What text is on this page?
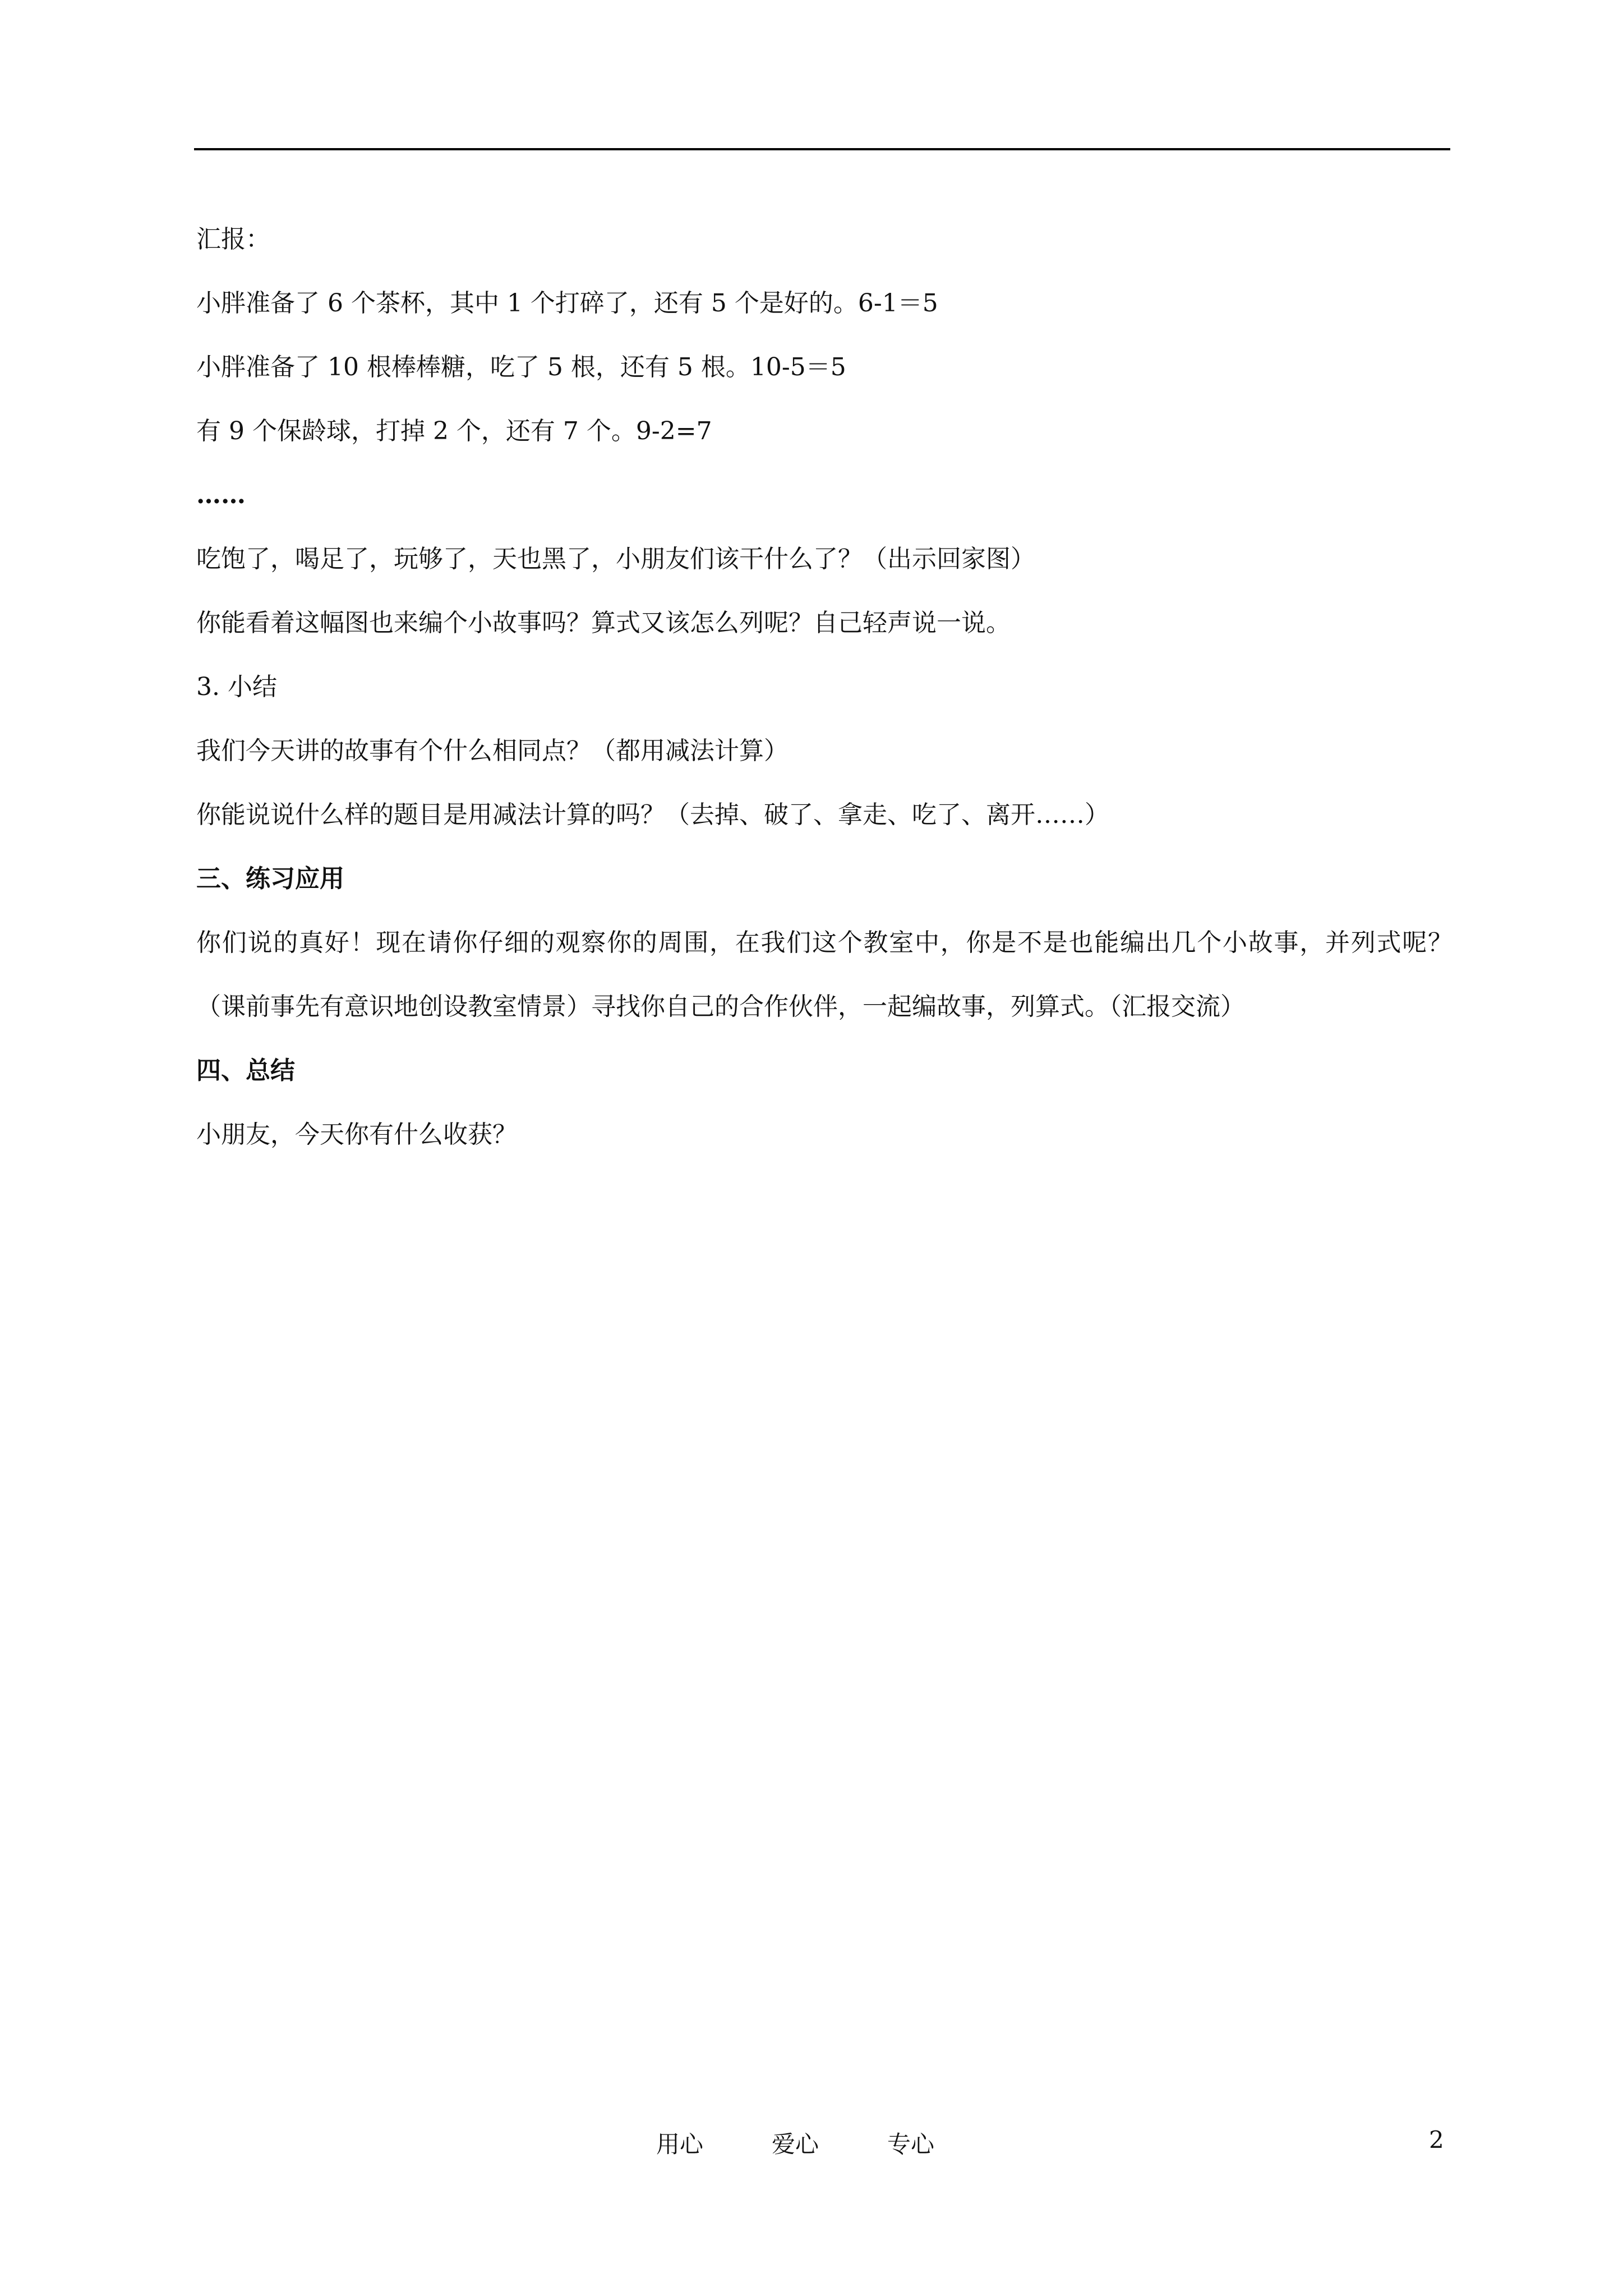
汇报：

小胖准备了 6 个茶杯，其中 1 个打碎了，还有 5 个是好的。6-1＝5

小胖准备了 10 根棒棒糖，吃了 5 根，还有 5 根。10-5＝5

有 9 个保龄球，打掉 2 个，还有 7 个。9-2=7

……

吃饱了，喝足了，玩够了，天也黑了，小朋友们该干什么了？（出示回家图）

你能看着这幅图也来编个小故事吗？算式又该怎么列呢？自己轻声说一说。

3. 小结

我们今天讲的故事有个什么相同点？（都用减法计算）

你能说说什么样的题目是用减法计算的吗？（去掉、破了、拿走、吃了、离开……）

三、练习应用

你们说的真好！现在请你仔细的观察你的周围，在我们这个教室中，你是不是也能编出几个小故事，并列式呢？（课前事先有意识地创设教室情景）寻找你自己的合作伙伴，一起编故事，列算式。（汇报交流）

四、总结

小朋友，今天你有什么收获？

用心	爱心	专心	2
